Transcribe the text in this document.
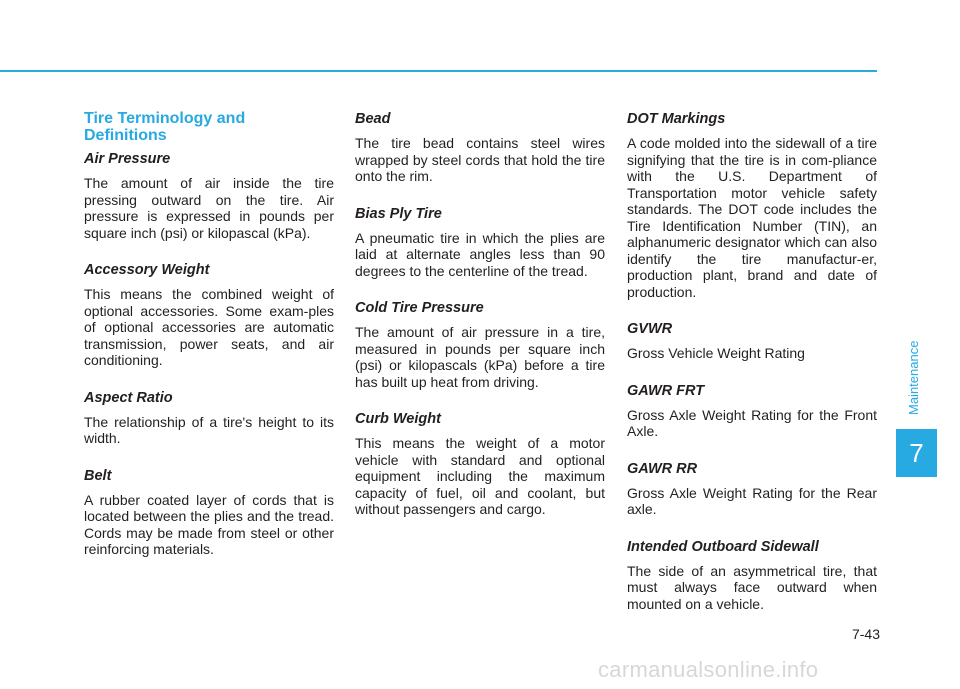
Tire Terminology and Definitions
Air Pressure

The amount of air inside the tire pressing outward on the tire. Air pressure is expressed in pounds per square inch (psi) or kilopascal (kPa).

Accessory Weight

This means the combined weight of optional accessories. Some exam-ples of optional accessories are automatic transmission, power seats, and air conditioning.

Aspect Ratio

The relationship of a tire's height to its width.

Belt

A rubber coated layer of cords that is located between the plies and the tread. Cords may be made from steel or other reinforcing materials.

Bead

The tire bead contains steel wires wrapped by steel cords that hold the tire onto the rim.

Bias Ply Tire

A pneumatic tire in which the plies are laid at alternate angles less than 90 degrees to the centerline of the tread.

Cold Tire Pressure

The amount of air pressure in a tire, measured in pounds per square inch (psi) or kilopascals (kPa) before a tire has built up heat from driving.

Curb Weight

This means the weight of a motor vehicle with standard and optional equipment including the maximum capacity of fuel, oil and coolant, but without passengers and cargo.

DOT Markings

A code molded into the sidewall of a tire signifying that the tire is in com-pliance with the U.S. Department of Transportation motor vehicle safety standards. The DOT code includes the Tire Identification Number (TIN), an alphanumeric designator which can also identify the tire manufactur-er, production plant, brand and date of production.

GVWR

Gross Vehicle Weight Rating

GAWR FRT

Gross Axle Weight Rating for the Front Axle.

GAWR RR

Gross Axle Weight Rating for the Rear axle.

Intended Outboard Sidewall

The side of an asymmetrical tire, that must always face outward when mounted on a vehicle.

Maintenance
7
7-43
carmanualsonline.info
